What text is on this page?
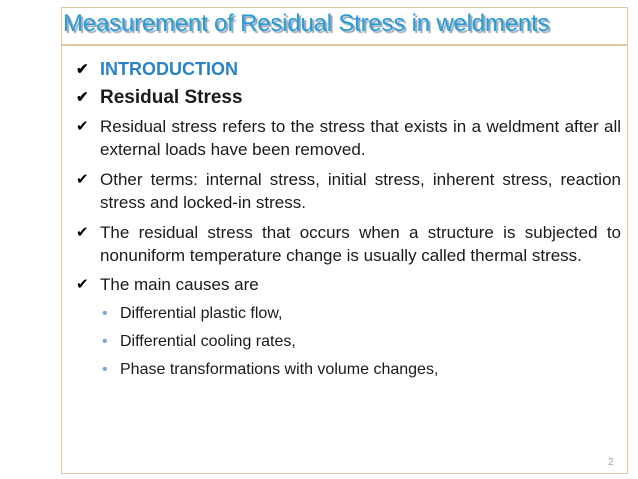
Measurement of Residual Stress in weldments
✔ INTRODUCTION
✔ Residual Stress
✔ Residual stress refers to the stress that exists in a weldment after all external loads have been removed.
✔ Other terms: internal stress, initial stress, inherent stress, reaction stress and locked-in stress.
✔ The residual stress that occurs when a structure is subjected to nonuniform temperature change is usually called thermal stress.
✔ The main causes are
• Differential plastic flow,
• Differential cooling rates,
• Phase transformations with volume changes,
2
